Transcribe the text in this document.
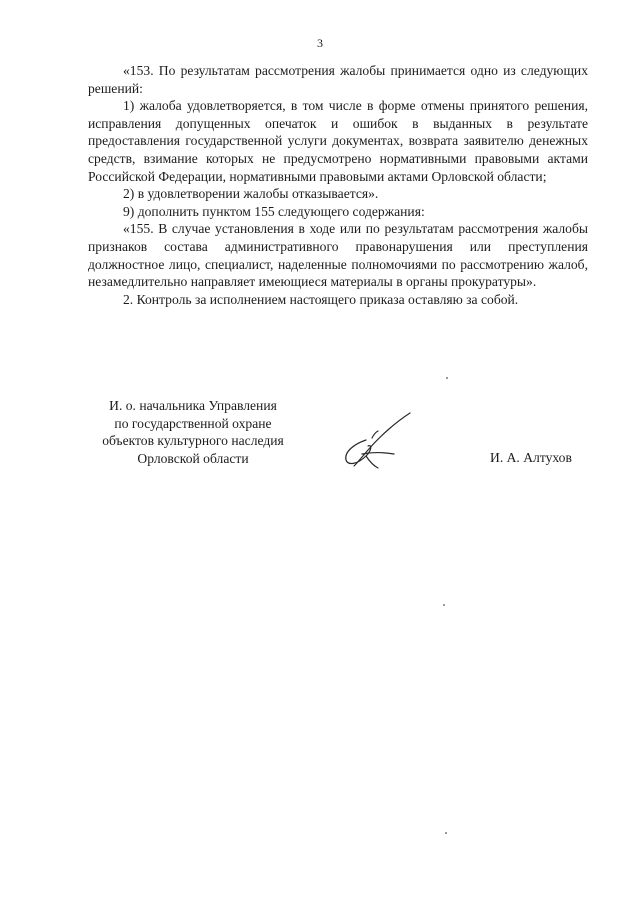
3

«153. По результатам рассмотрения жалобы принимается одно из следующих решений:

1) жалоба удовлетворяется, в том числе в форме отмены принятого решения, исправления допущенных опечаток и ошибок в выданных в результате предоставления государственной услуги документах, возврата заявителю денежных средств, взимание которых не предусмотрено нормативными правовыми актами Российской Федерации, нормативными правовыми актами Орловской области;

2) в удовлетворении жалобы отказывается».

9) дополнить пунктом 155 следующего содержания:

«155. В случае установления в ходе или по результатам рассмотрения жалобы признаков состава административного правонарушения или преступления должностное лицо, специалист, наделенные полномочиями по рассмотрению жалоб, незамедлительно направляет имеющиеся материалы в органы прокуратуры».

2. Контроль за исполнением настоящего приказа оставляю за собой.

И. о. начальника Управления
по государственной охране
объектов культурного наследия
Орловской области	И. А. Алтухов
